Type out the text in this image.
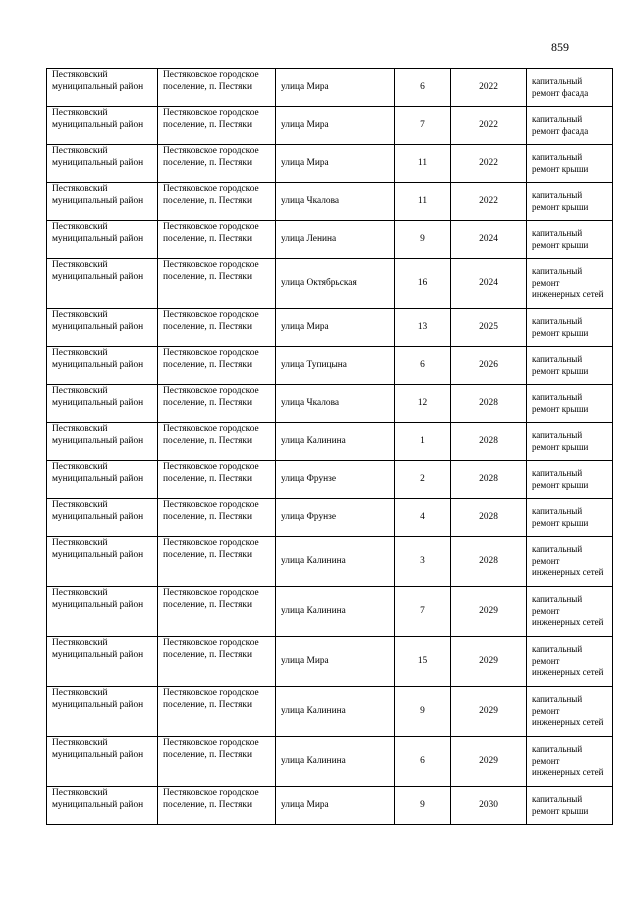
859
Пестяковский муниципальный район	Пестяковское городское поселение, п. Пестяки	улица Мира	6	2022	капитальный ремонт фасада
Пестяковский муниципальный район	Пестяковское городское поселение, п. Пестяки	улица Мира	7	2022	капитальный ремонт фасада
Пестяковский муниципальный район	Пестяковское городское поселение, п. Пестяки	улица Мира	11	2022	капитальный ремонт крыши
Пестяковский муниципальный район	Пестяковское городское поселение, п. Пестяки	улица Чкалова	11	2022	капитальный ремонт крыши
Пестяковский муниципальный район	Пестяковское городское поселение, п. Пестяки	улица Ленина	9	2024	капитальный ремонт крыши
Пестяковский муниципальный район	Пестяковское городское поселение, п. Пестяки	улица Октябрьская	16	2024	капитальный ремонт инженерных сетей
Пестяковский муниципальный район	Пестяковское городское поселение, п. Пестяки	улица Мира	13	2025	капитальный ремонт крыши
Пестяковский муниципальный район	Пестяковское городское поселение, п. Пестяки	улица Тупицына	6	2026	капитальный ремонт крыши
Пестяковский муниципальный район	Пестяковское городское поселение, п. Пестяки	улица Чкалова	12	2028	капитальный ремонт крыши
Пестяковский муниципальный район	Пестяковское городское поселение, п. Пестяки	улица Калинина	1	2028	капитальный ремонт крыши
Пестяковский муниципальный район	Пестяковское городское поселение, п. Пестяки	улица Фрунзе	2	2028	капитальный ремонт крыши
Пестяковский муниципальный район	Пестяковское городское поселение, п. Пестяки	улица Фрунзе	4	2028	капитальный ремонт крыши
Пестяковский муниципальный район	Пестяковское городское поселение, п. Пестяки	улица Калинина	3	2028	капитальный ремонт инженерных сетей
Пестяковский муниципальный район	Пестяковское городское поселение, п. Пестяки	улица Калинина	7	2029	капитальный ремонт инженерных сетей
Пестяковский муниципальный район	Пестяковское городское поселение, п. Пестяки	улица Мира	15	2029	капитальный ремонт инженерных сетей
Пестяковский муниципальный район	Пестяковское городское поселение, п. Пестяки	улица Калинина	9	2029	капитальный ремонт инженерных сетей
Пестяковский муниципальный район	Пестяковское городское поселение, п. Пестяки	улица Калинина	6	2029	капитальный ремонт инженерных сетей
Пестяковский муниципальный район	Пестяковское городское поселение, п. Пестяки	улица Мира	9	2030	капитальный ремонт крыши
